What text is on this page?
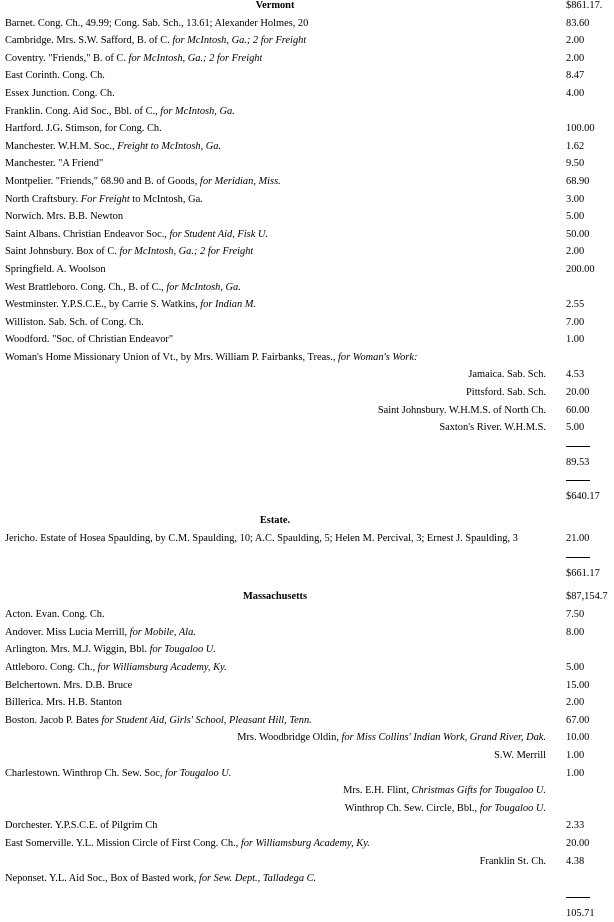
Vermont	$861.17.
Barnet. Cong. Ch., 49.99; Cong. Sab. Sch., 13.61; Alexander Holmes, 20	83.60
Cambridge. Mrs. S.W. Safford, B. of C. for McIntosh, Ga.; 2 for Freight	2.00
Coventry. "Friends," B. of C. for McIntosh, Ga.; 2 for Freight	2.00
East Corinth. Cong. Ch.	8.47
Essex Junction. Cong. Ch.	4.00
Franklin. Cong. Aid Soc., Bbl. of C., for McIntosh, Ga.
Hartford. J.G. Stimson, for Cong. Ch.	100.00
Manchester. W.H.M. Soc., Freight to McIntosh, Ga.	1.62
Manchester. "A Friend"	9.50
Montpelier. "Friends," 68.90 and B. of Goods, for Meridian, Miss.	68.90
North Craftsbury. For Freight to McIntosh, Ga.	3.00
Norwich. Mrs. B.B. Newton	5.00
Saint Albans. Christian Endeavor Soc., for Student Aid, Fisk U.	50.00
Saint Johnsbury. Box of C. for McIntosh, Ga.; 2 for Freight	2.00
Springfield. A. Woolson	200.00
West Brattleboro. Cong. Ch., B. of C., for McIntosh, Ga.
Westminster. Y.P.S.C.E., by Carrie S. Watkins, for Indian M.	2.55
Williston. Sab. Sch. of Cong. Ch.	7.00
Woodford. "Soc. of Christian Endeavor"	1.00
Woman's Home Missionary Union of Vt., by Mrs. William P. Fairbanks, Treas., for Woman's Work:
Jamaica. Sab. Sch. 4.53
Pittsford. Sab. Sch. 20.00
Saint Johnsbury. W.H.M.S. of North Ch. 60.00
Saxton's River. W.H.M.S. 5.00
89.53
$640.17
Estate.
Jericho. Estate of Hosea Spaulding, by C.M. Spaulding, 10; A.C. Spaulding, 5; Helen M. Percival, 3; Ernest J. Spaulding, 3	21.00
$661.17
Massachusetts	$87,154.7
Acton. Evan. Cong. Ch.	7.50
Andover. Miss Lucia Merrill, for Mobile, Ala.	8.00
Arlington. Mrs. M.J. Wiggin, Bbl. for Tougaloo U.
Attleboro. Cong. Ch., for Williamsburg Academy, Ky.	5.00
Belchertown. Mrs. D.B. Bruce	15.00
Billerica. Mrs. H.B. Stanton	2.00
Boston. Jacob P. Bates for Student Aid, Girls' School, Pleasant Hill, Tenn.	67.00
Mrs. Woodbridge Oldin, for Miss Collins' Indian Work, Grand River, Dak. 10.00
S.W. Merrill 1.00
Charlestown. Winthrop Ch. Sew. Soc, for Tougaloo U.	1.00
Mrs. E.H. Flint, Christmas Gifts for Tougaloo U.
Winthrop Ch. Sew. Circle, Bbl., for Tougaloo U.
Dorchester. Y.P.S.C.E. of Pilgrim Ch	2.33
East Somerville. Y.L. Mission Circle of First Cong. Ch., for Williamsburg Academy, Ky.	20.00
Franklin St. Ch. 4.38
Neponset. Y.L. Aid Soc., Box of Basted work, for Sew. Dept., Talladega C.
105.71
